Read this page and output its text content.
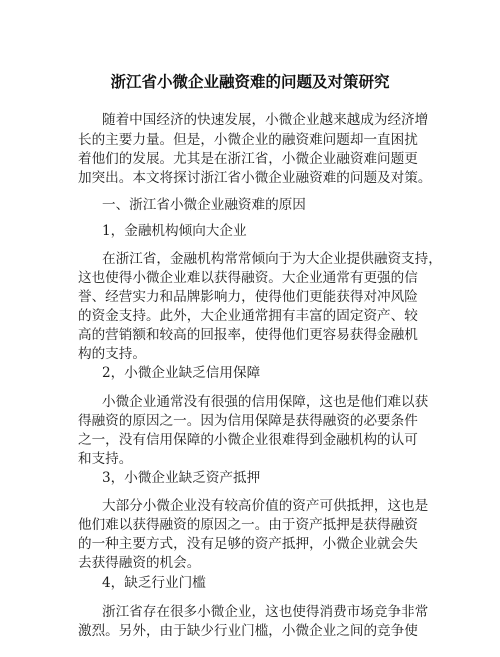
浙江省小微企业融资难的问题及对策研究
随着中国经济的快速发展，小微企业越来越成为经济增
长的主要力量。但是，小微企业的融资难问题却一直困扰
着他们的发展。尤其是在浙江省，小微企业融资难问题更
加突出。本文将探讨浙江省小微企业融资难的问题及对策。
一、浙江省小微企业融资难的原因
1，金融机构倾向大企业
在浙江省，金融机构常常倾向于为大企业提供融资支持，
这也使得小微企业难以获得融资。大企业通常有更强的信
誉、经营实力和品牌影响力，使得他们更能获得对冲风险
的资金支持。此外，大企业通常拥有丰富的固定资产、较
高的营销额和较高的回报率，使得他们更容易获得金融机
构的支持。
2，小微企业缺乏信用保障
小微企业通常没有很强的信用保障，这也是他们难以获
得融资的原因之一。因为信用保障是获得融资的必要条件
之一，没有信用保障的小微企业很难得到金融机构的认可
和支持。
3，小微企业缺乏资产抵押
大部分小微企业没有较高价值的资产可供抵押，这也是
他们难以获得融资的原因之一。由于资产抵押是获得融资
的一种主要方式，没有足够的资产抵押，小微企业就会失
去获得融资的机会。
4，缺乏行业门槛
浙江省存在很多小微企业，这也使得消费市场竞争非常
激烈。另外，由于缺少行业门槛，小微企业之间的竞争使
